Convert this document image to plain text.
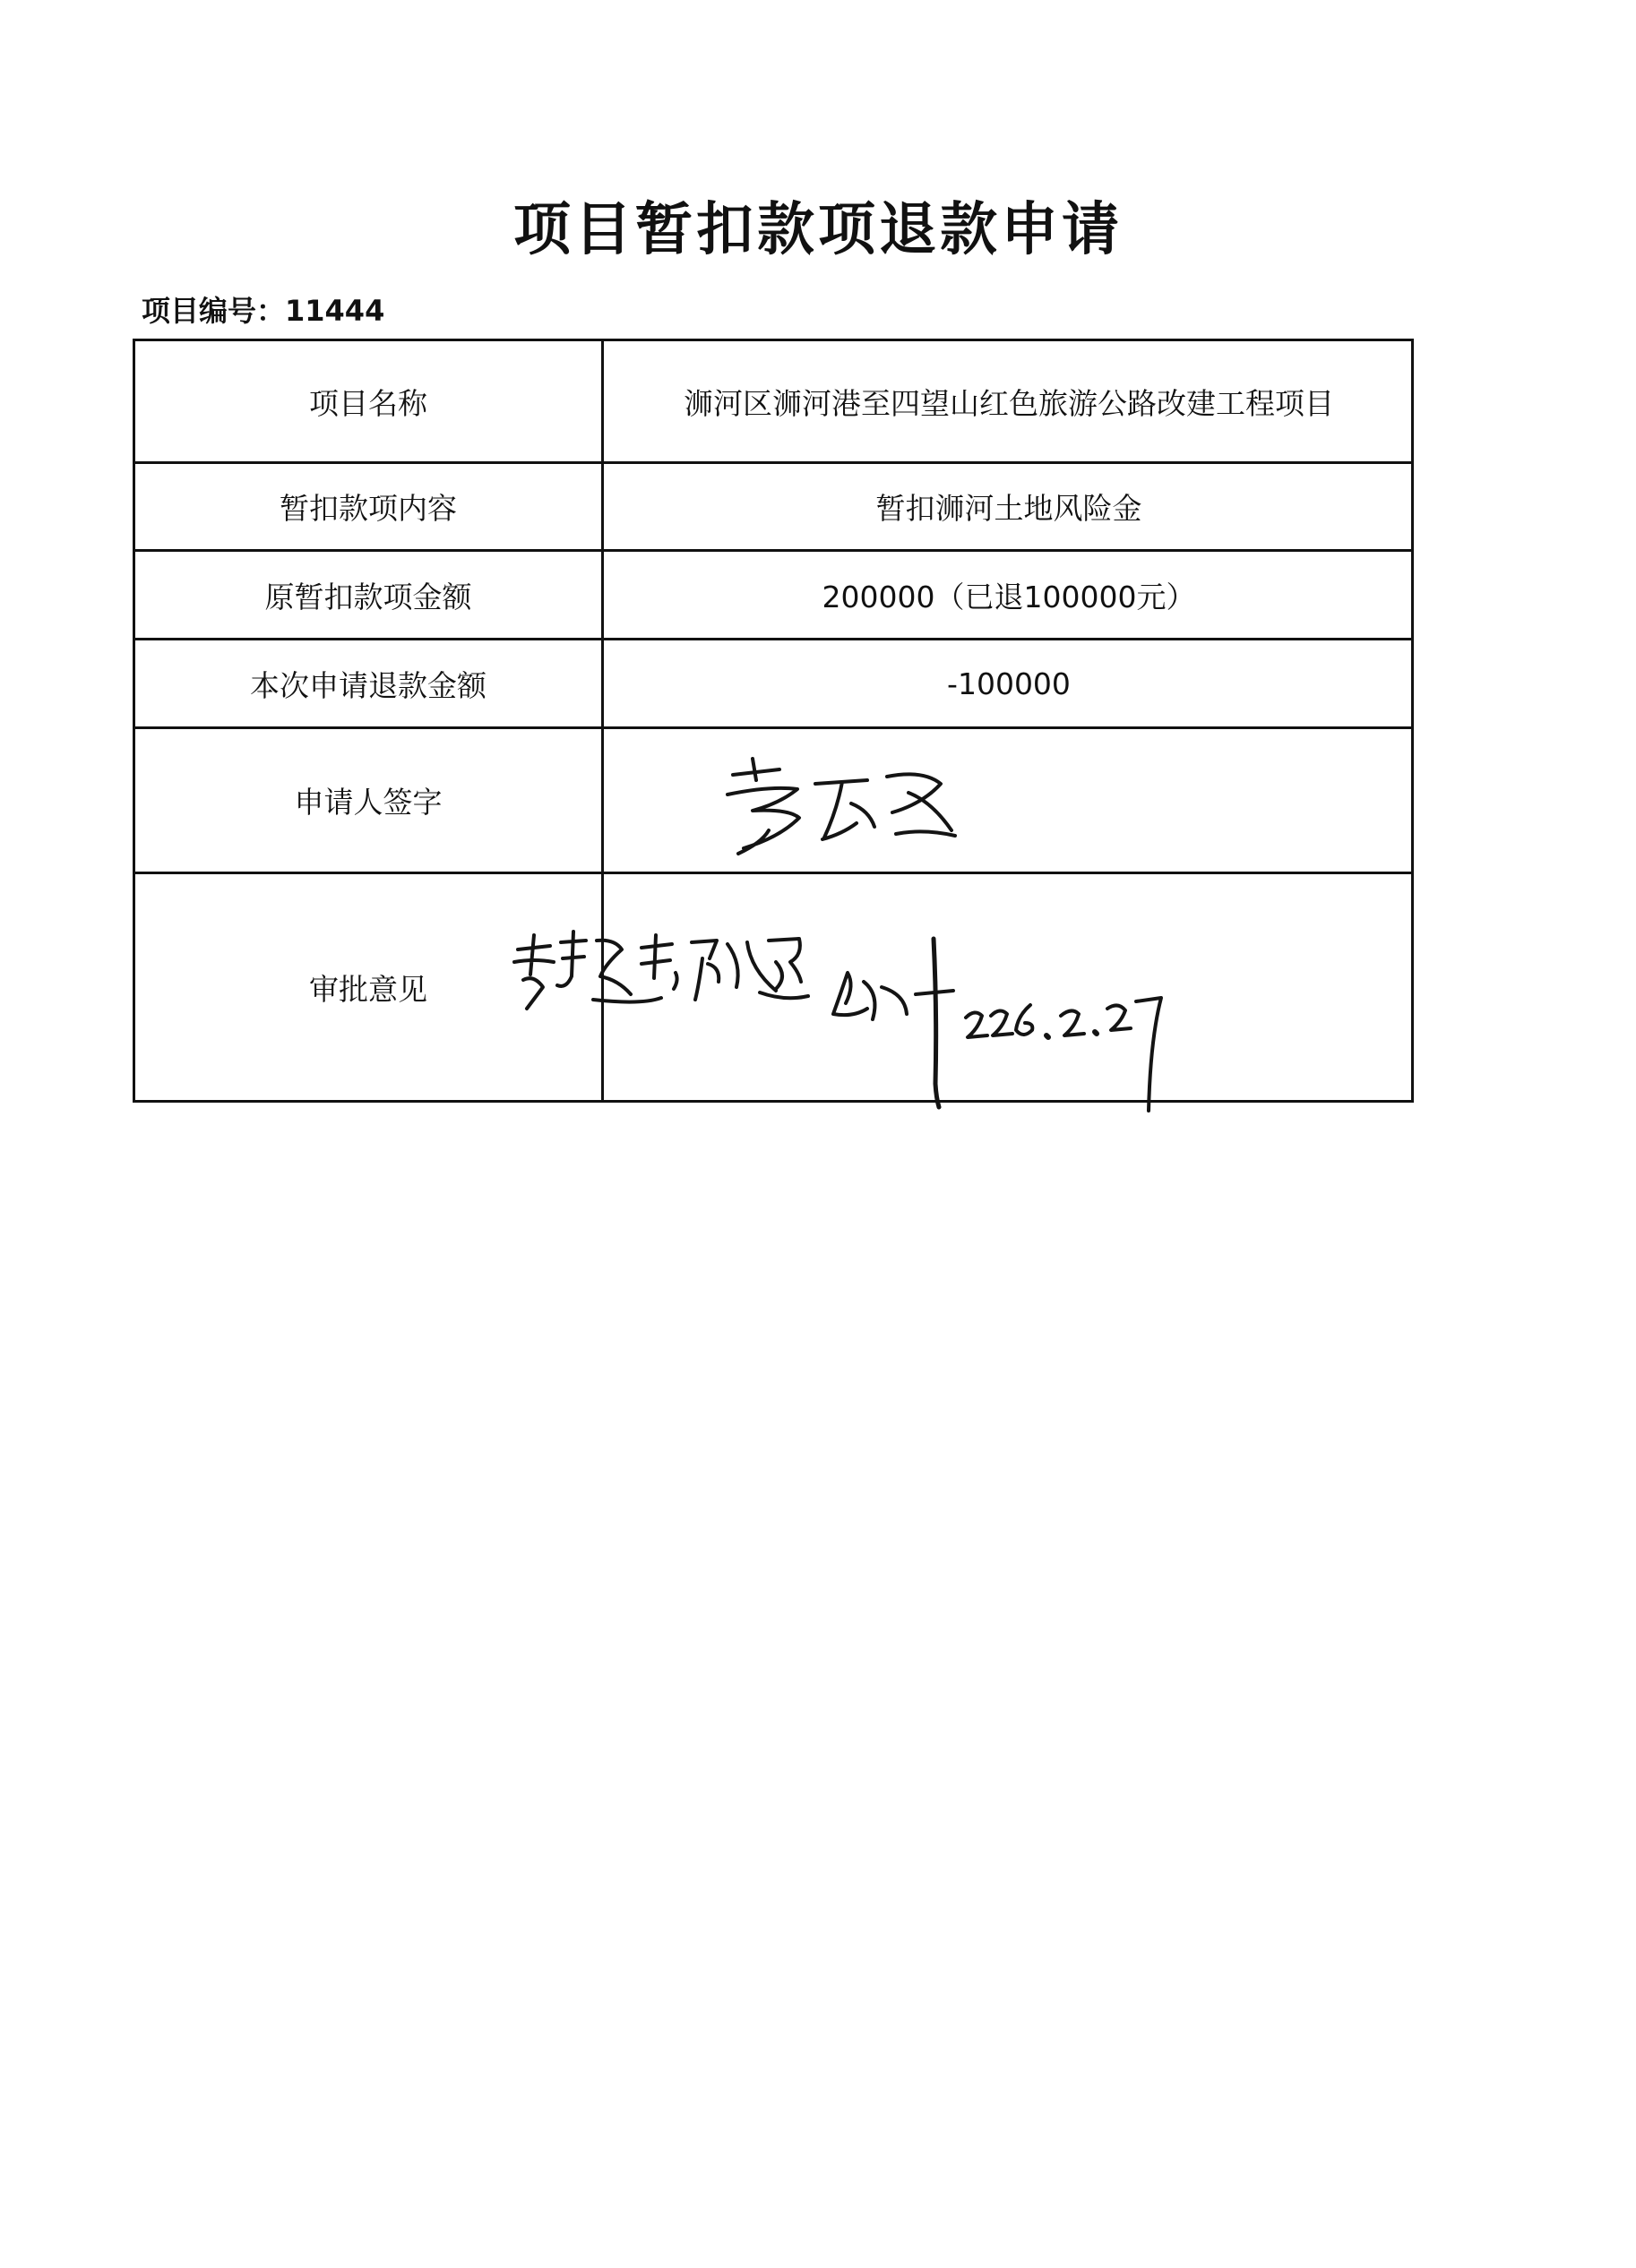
项目暂扣款项退款申请
项目编号：11444
项目名称	浉河区浉河港至四望山红色旅游公路改建工程项目
暂扣款项内容	暂扣浉河土地风险金
原暂扣款项金额	200000（已退100000元）
本次申请退款金额	-100000
申请人签字
审批意见
